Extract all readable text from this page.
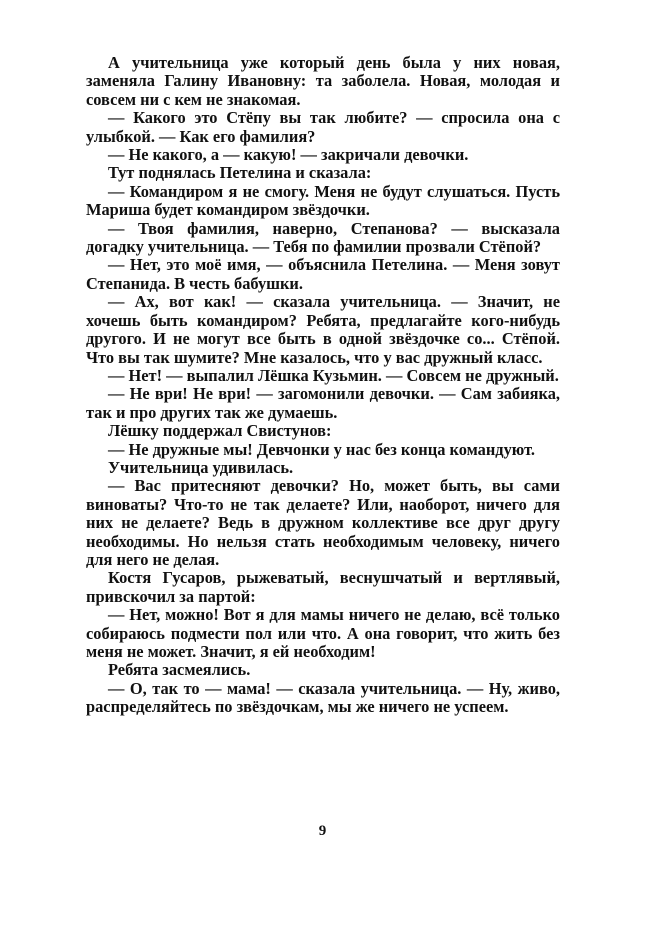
А учительница уже который день была у них новая, заменяла Галину Ивановну: та заболела. Новая, молодая и совсем ни с кем не знакомая.

— Какого это Стёпу вы так любите? — спросила она с улыбкой. — Как его фамилия?

— Не какого, а — какую! — закричали девочки.

Тут поднялась Петелина и сказала:

— Командиром я не смогу. Меня не будут слушаться. Пусть Мариша будет командиром звёздочки.

— Твоя фамилия, наверно, Степанова? — высказала догадку учительница. — Тебя по фамилии прозвали Стёпой?

— Нет, это моё имя, — объяснила Петелина. — Меня зовут Степанида. В честь бабушки.

— Ах, вот как! — сказала учительница. — Значит, не хочешь быть командиром? Ребята, предлагайте кого-нибудь другого. И не могут все быть в одной звёздочке со... Стёпой. Что вы так шумите? Мне казалось, что у вас дружный класс.

— Нет! — выпалил Лёшка Кузьмин. — Совсем не дружный.

— Не ври! Не ври! — загомонили девочки. — Сам забияка, так и про других так же думаешь.

Лёшку поддержал Свистунов:

— Не дружные мы! Девчонки у нас без конца командуют.

Учительница удивилась.

— Вас притесняют девочки? Но, может быть, вы сами виноваты? Что-то не так делаете? Или, наоборот, ничего для них не делаете? Ведь в дружном коллективе все друг другу необходимы. Но нельзя стать необходимым человеку, ничего для него не делая.

Костя Гусаров, рыжеватый, веснушчатый и вертлявый, привскочил за партой:

— Нет, можно! Вот я для мамы ничего не делаю, всё только собираюсь подмести пол или что. А она говорит, что жить без меня не может. Значит, я ей необходим!

Ребята засмеялись.

— О, так то — мама! — сказала учительница. — Ну, живо, распределяйтесь по звёздочкам, мы же ничего не успеем.

9
